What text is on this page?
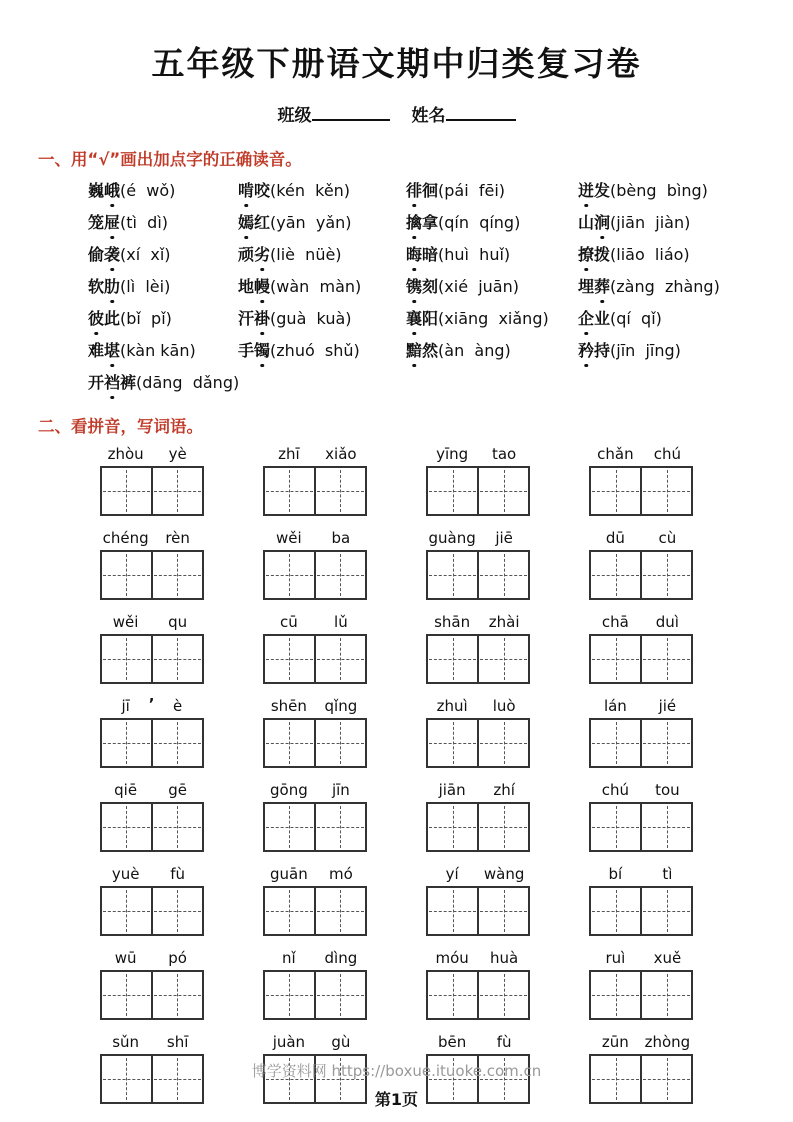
五年级下册语文期中归类复习卷
班级	姓名
一、用“√”画出加点字的正确读音。
巍峨(é  wǒ)	啃咬(kén  kěn)	徘徊(pái  fēi)	迸发(bèng  bìng)
笼屉(tì  dì)	嫣红(yān  yǎn)	擒拿(qín  qíng)	山涧(jiān  jiàn)
偷袭(xí  xǐ)	顽劣(liè  nüè)	晦暗(huì  huǐ)	撩拨(liāo  liáo)
软肋(lì  lèi)	地幔(wàn  màn)	镌刻(xié  juān)	埋葬(zàng  zhàng)
彼此(bǐ  pǐ)	汗褂(guà  kuà)	襄阳(xiāng  xiǎng)	企业(qí  qǐ)
难堪(kàn kān)	手镯(zhuó  shǔ)	黯然(àn  àng)	矜持(jīn  jīng)
开裆裤(dāng  dǎng)
二、看拼音，写词语。
zhòu	yè	zhī	xiǎo	yīng	tao	chǎn	chú
chéng	rèn	wěi	ba	guàng	jiē	dū	cù
wěi	qu	cū	lǔ	shān	zhài	chā	duì
jī	’	è	shēn	qǐng	zhuì	luò	lán	jié
qiē	gē	gōng	jīn	jiān	zhí	chú	tou
yuè	fù	guān	mó	yí	wàng	bí	tì
wū	pó	nǐ	dìng	móu	huà	ruì	xuě
sǔn	shī	juàn	gù	bēn	fù	zūn	zhòng
博学资料网 https://boxue.ituoke.com.cn
第1页
